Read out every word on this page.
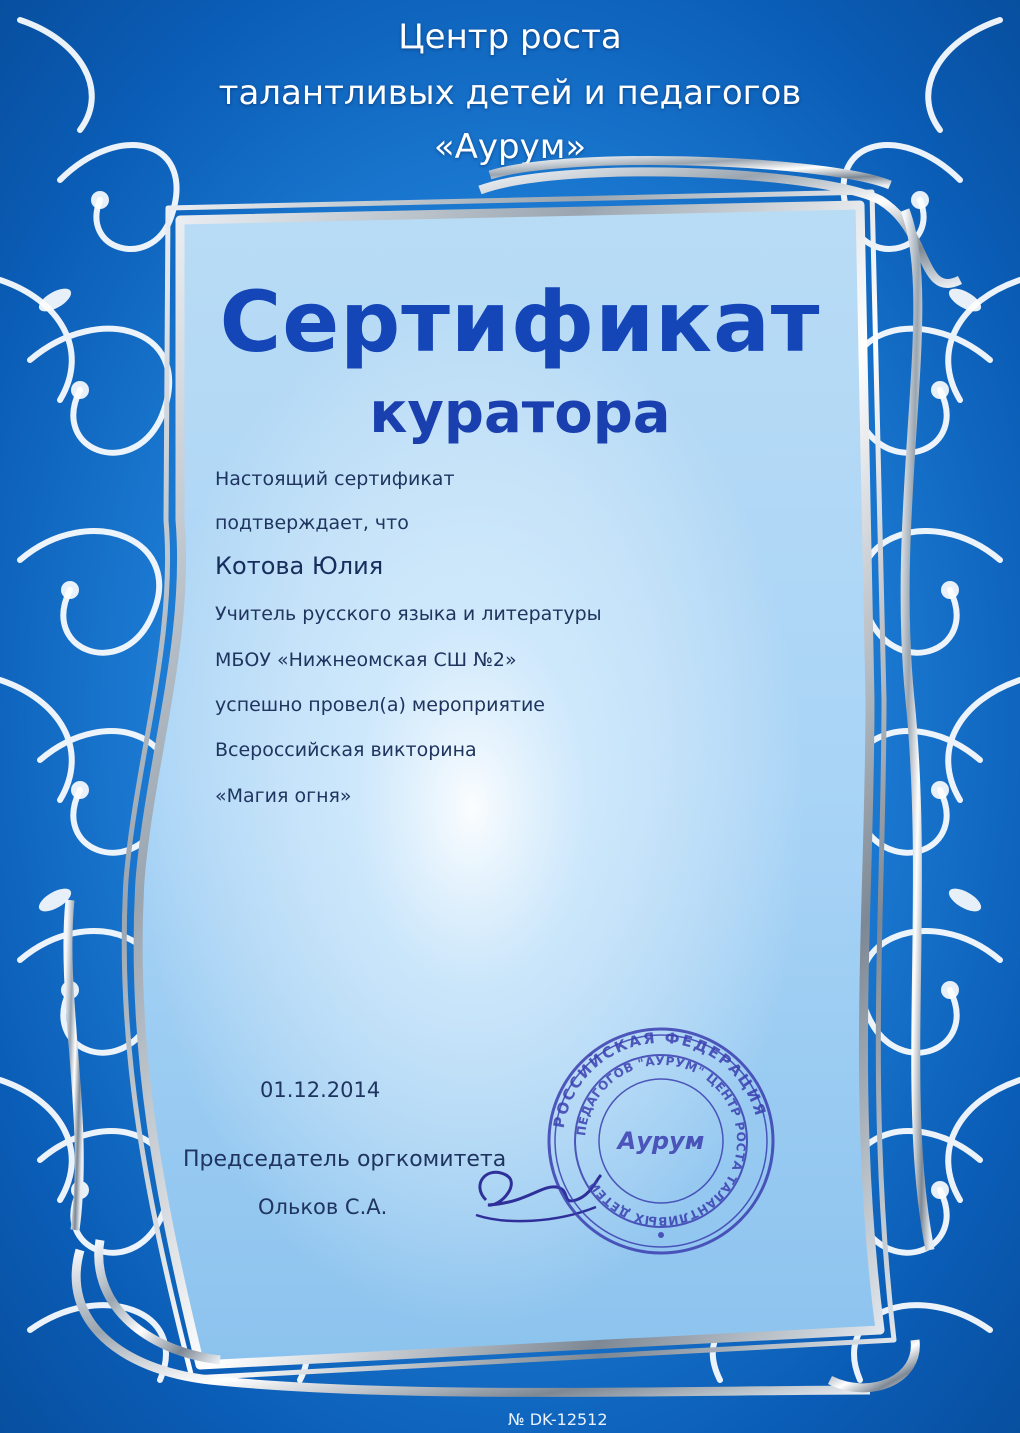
Центр роста
талантливых детей и педагогов
«Аурум»
Сертификат
куратора
Настоящий сертификат
подтверждает, что
Котова Юлия
Учитель русского языка и литературы
МБОУ «Нижнеомская СШ №2»
успешно провел(а) мероприятие
Всероссийская викторина
«Магия огня»
01.12.2014
Председатель оргкомитета
Ольков С.А.
РОССИЙСКАЯ ФЕДЕРАЦИЯ
ПЕДАГОГОВ "АУРУМ" ЦЕНТР РОСТА ТАЛАНТЛИВЫХ ДЕТЕЙ
Аурум
№ DK-12512
